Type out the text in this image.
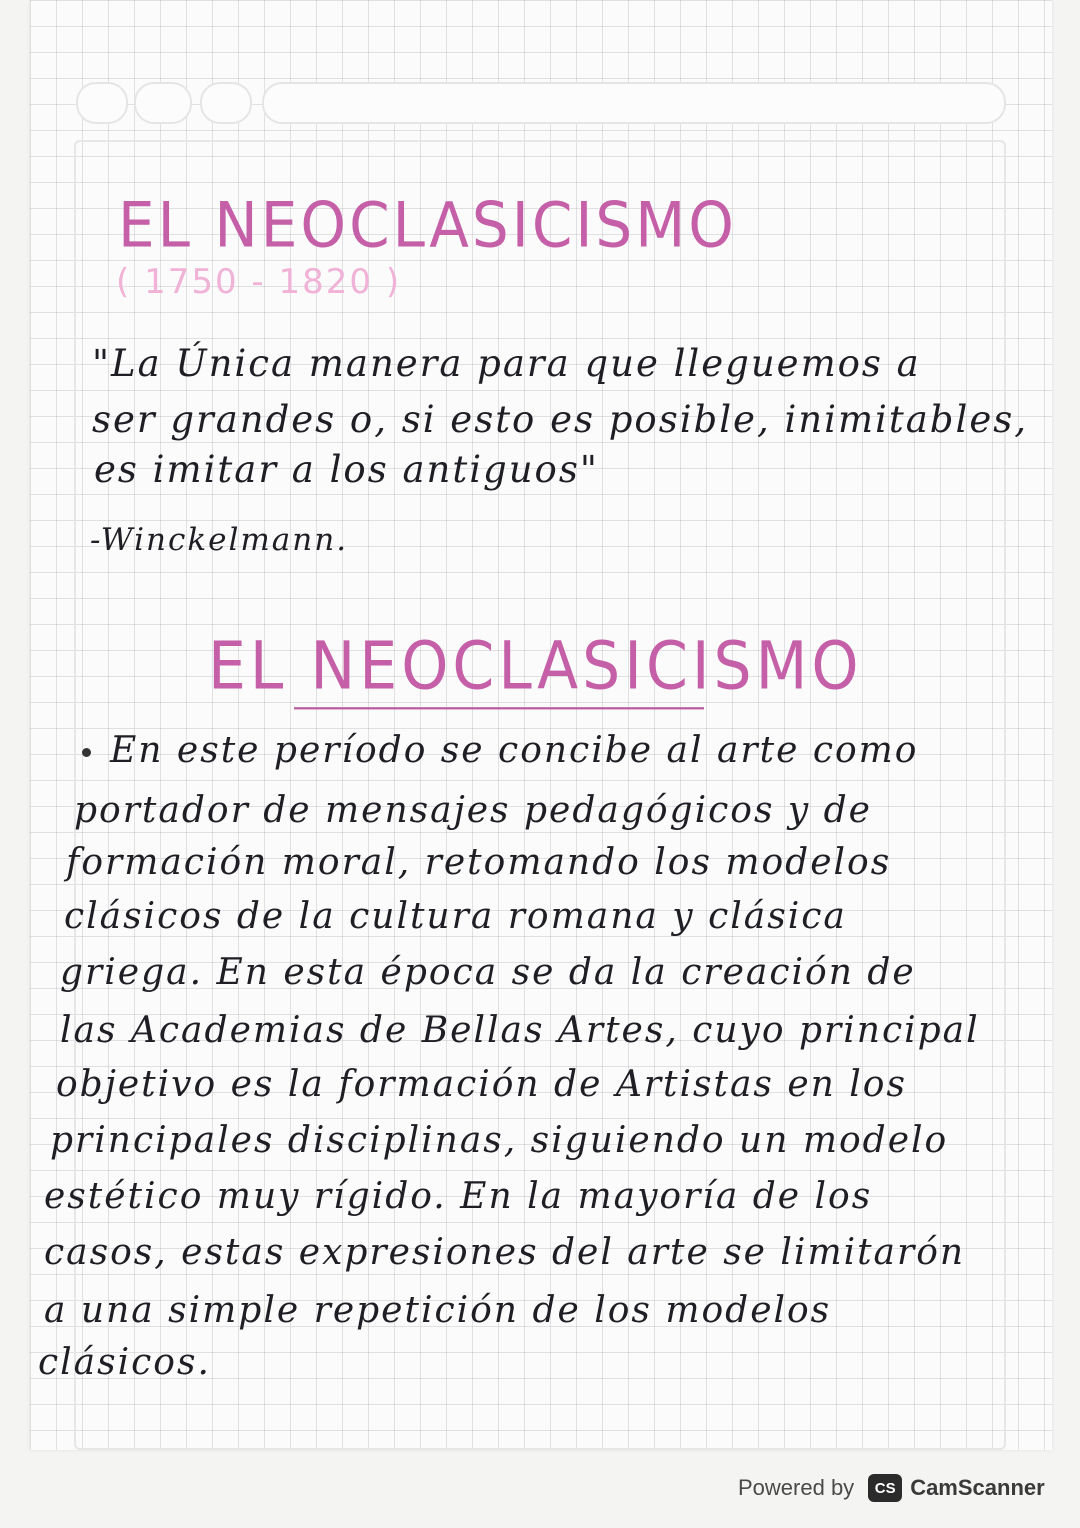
EL NEOCLASICISMO
( 1750 - 1820 )
"La Única manera para que lleguemos a
ser grandes o, si esto es posible, inimitables,
es imitar a los antiguos"
-Winckelmann.
EL NEOCLASICISMO
En este período se concibe al arte como
portador de mensajes pedagógicos y de
formación moral, retomando los modelos
clásicos de la cultura romana y clásica
griega. En esta época se da la creación de
las Academias de Bellas Artes, cuyo principal
objetivo es la formación de Artistas en los
principales disciplinas, siguiendo un modelo
estético muy rígido. En la mayoría de los
casos, estas expresiones del arte se limitarón
a una simple repetición de los modelos
clásicos.
Powered by	CS CamScanner
